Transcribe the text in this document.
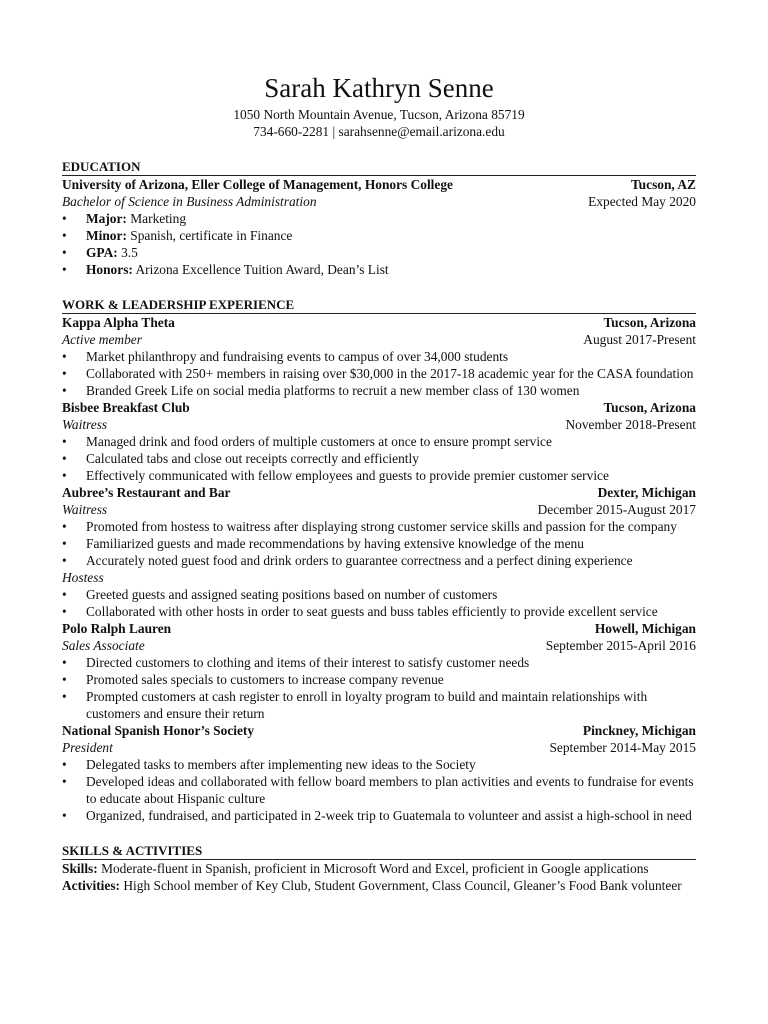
Sarah Kathryn Senne
1050 North Mountain Avenue, Tucson, Arizona 85719
734-660-2281 | sarahsenne@email.arizona.edu
EDUCATION
University of Arizona, Eller College of Management, Honors College	Tucson, AZ
Bachelor of Science in Business Administration	Expected May 2020
• Major: Marketing
• Minor: Spanish, certificate in Finance
• GPA: 3.5
• Honors: Arizona Excellence Tuition Award, Dean’s List
WORK & LEADERSHIP EXPERIENCE
Kappa Alpha Theta	Tucson, Arizona
Active member	August 2017-Present
• Market philanthropy and fundraising events to campus of over 34,000 students
• Collaborated with 250+ members in raising over $30,000 in the 2017-18 academic year for the CASA foundation
• Branded Greek Life on social media platforms to recruit a new member class of 130 women
Bisbee Breakfast Club	Tucson, Arizona
Waitress	November 2018-Present
• Managed drink and food orders of multiple customers at once to ensure prompt service
• Calculated tabs and close out receipts correctly and efficiently
• Effectively communicated with fellow employees and guests to provide premier customer service
Aubree’s Restaurant and Bar	Dexter, Michigan
Waitress	December 2015-August 2017
• Promoted from hostess to waitress after displaying strong customer service skills and passion for the company
• Familiarized guests and made recommendations by having extensive knowledge of the menu
• Accurately noted guest food and drink orders to guarantee correctness and a perfect dining experience
Hostess
• Greeted guests and assigned seating positions based on number of customers
• Collaborated with other hosts in order to seat guests and buss tables efficiently to provide excellent service
Polo Ralph Lauren	Howell, Michigan
Sales Associate	September 2015-April 2016
• Directed customers to clothing and items of their interest to satisfy customer needs
• Promoted sales specials to customers to increase company revenue
• Prompted customers at cash register to enroll in loyalty program to build and maintain relationships with customers and ensure their return
National Spanish Honor’s Society	Pinckney, Michigan
President	September 2014-May 2015
• Delegated tasks to members after implementing new ideas to the Society
• Developed ideas and collaborated with fellow board members to plan activities and events to fundraise for events to educate about Hispanic culture
• Organized, fundraised, and participated in 2-week trip to Guatemala to volunteer and assist a high-school in need
SKILLS & ACTIVITIES
Skills: Moderate-fluent in Spanish, proficient in Microsoft Word and Excel, proficient in Google applications
Activities: High School member of Key Club, Student Government, Class Council, Gleaner’s Food Bank volunteer
